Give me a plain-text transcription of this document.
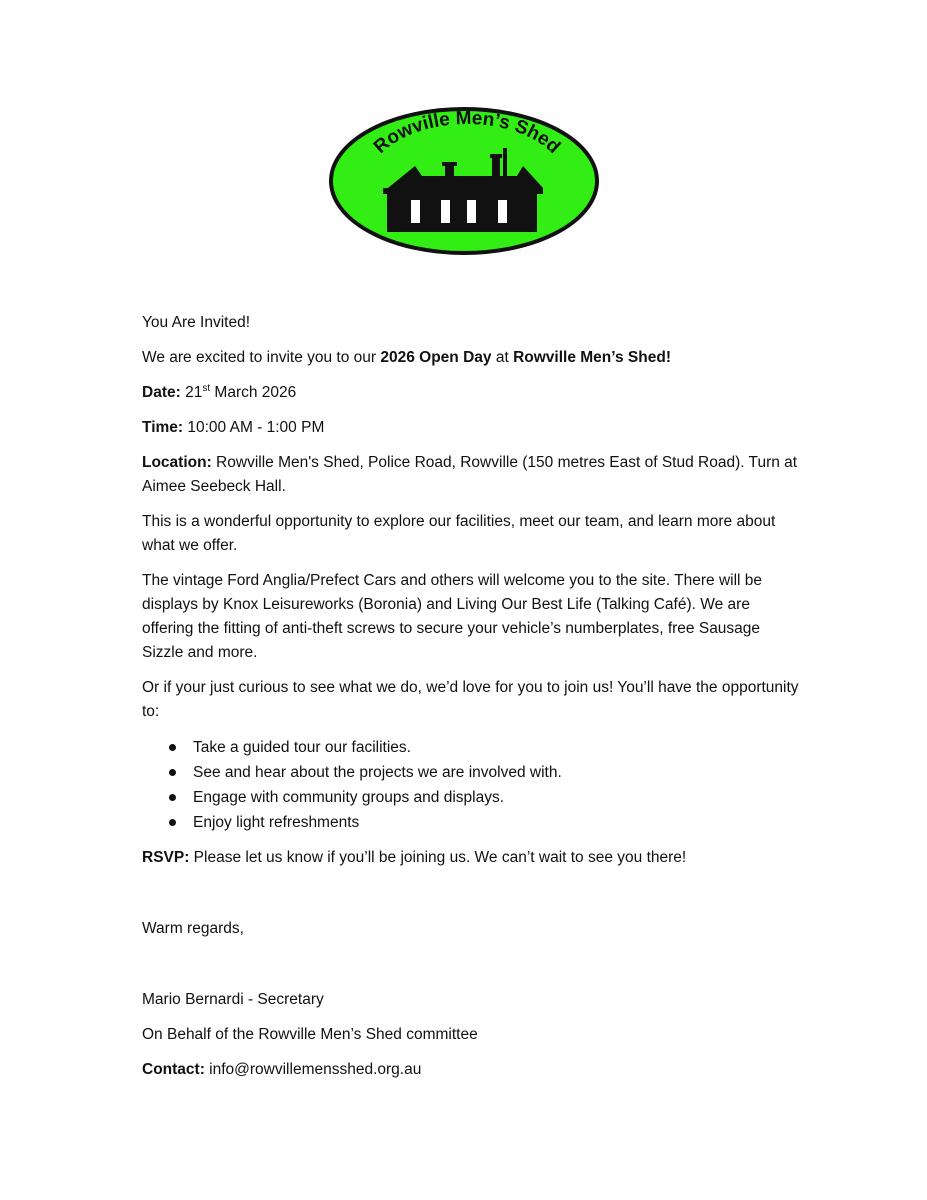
Rowville Men’s Shed

You Are Invited!

We are excited to invite you to our 2026 Open Day at Rowville Men’s Shed!

Date: 21st March 2026

Time: 10:00 AM - 1:00 PM

Location: Rowville Men's Shed, Police Road, Rowville (150 metres East of Stud Road). Turn at Aimee Seebeck Hall.

This is a wonderful opportunity to explore our facilities, meet our team, and learn more about what we offer.

The vintage Ford Anglia/Prefect Cars and others will welcome you to the site. There will be displays by Knox Leisureworks (Boronia) and Living Our Best Life (Talking Café). We are offering the fitting of anti-theft screws to secure your vehicle’s numberplates, free Sausage Sizzle and more.

Or if your just curious to see what we do, we’d love for you to join us! You’ll have the opportunity to:

Take a guided tour our facilities.
See and hear about the projects we are involved with.
Engage with community groups and displays.
Enjoy light refreshments

RSVP: Please let us know if you’ll be joining us. We can’t wait to see you there!

Warm regards,

Mario Bernardi - Secretary

On Behalf of the Rowville Men’s Shed committee

Contact: info@rowvillemensshed.org.au
